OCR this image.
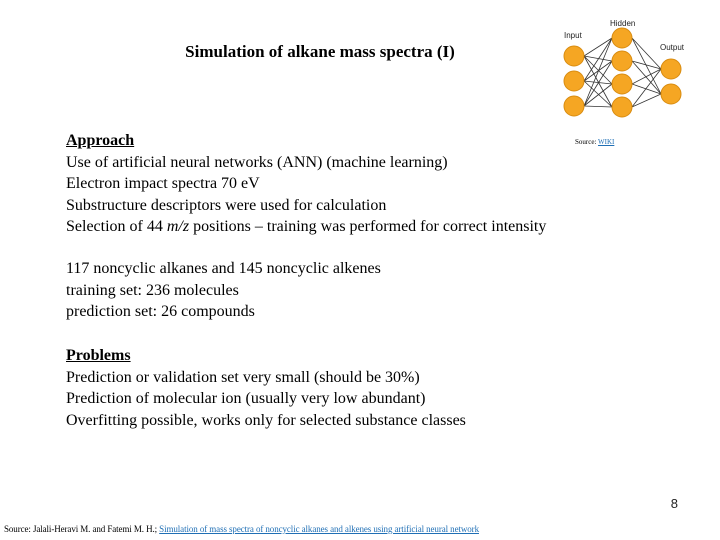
Simulation of alkane mass spectra (I)
Input
Hidden
Output
Source: WIKI
Approach
Use of artificial neural networks (ANN) (machine learning)
Electron impact spectra 70 eV
Substructure descriptors were used for calculation
Selection of 44 m/z positions – training was performed for correct intensity
117 noncyclic alkanes and 145 noncyclic alkenes
training set: 236 molecules
prediction set: 26 compounds
Problems
Prediction or validation set very small (should be 30%)
Prediction of molecular ion (usually very low abundant)
Overfitting possible, works only for selected substance classes
8
Source: Jalali-Heravi M. and Fatemi M. H.; Simulation of mass spectra of noncyclic alkanes and alkenes using artificial neural network
